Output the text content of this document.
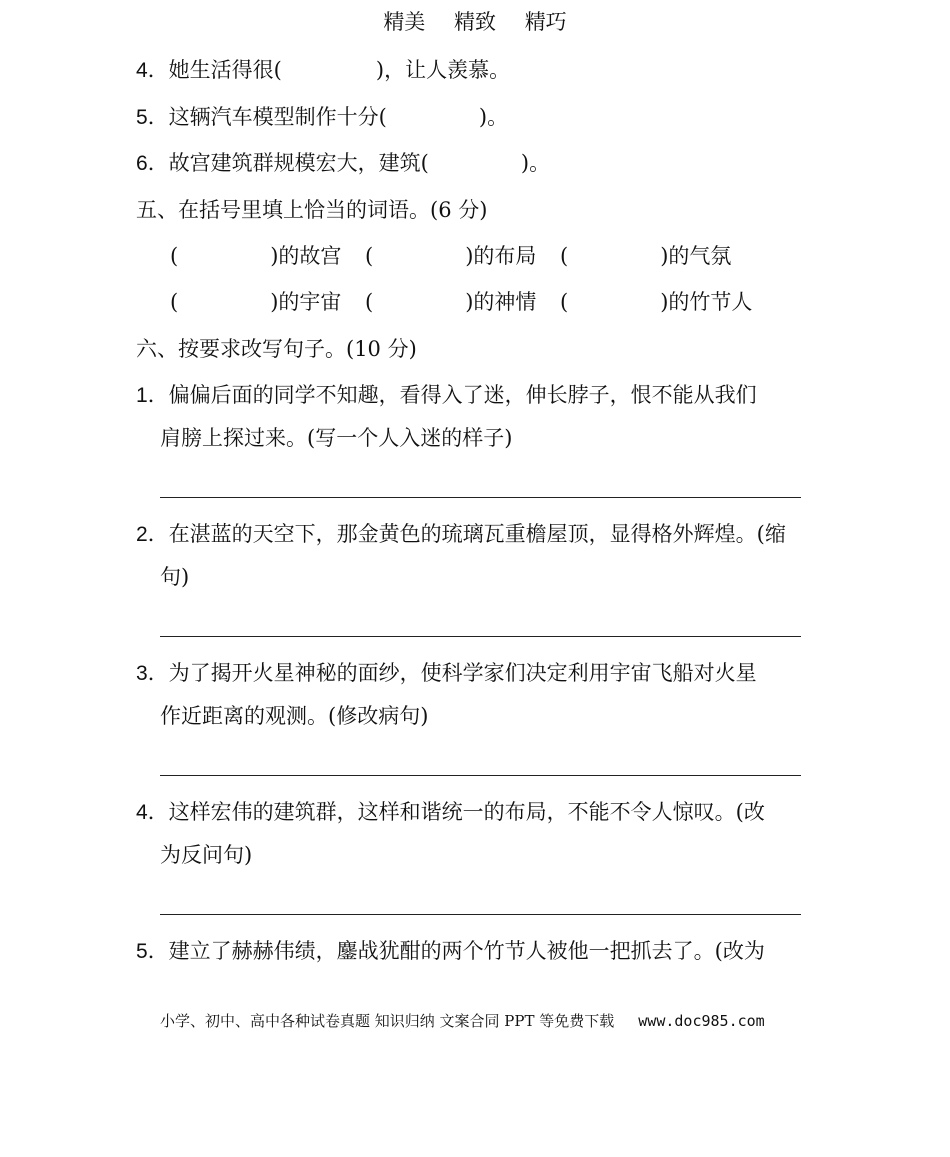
精美 精致 精巧
4．她生活得很(	)，让人羡慕。
5．这辆汽车模型制作十分(	)。
6．故宫建筑群规模宏大，建筑(	)。
五、在括号里填上恰当的词语。(6 分)
(	)的故宫 (	)的布局 (	)的气氛
(	)的宇宙 (	)的神情 (	)的竹节人
六、按要求改写句子。(10 分)
1．偏偏后面的同学不知趣，看得入了迷，伸长脖子，恨不能从我们
肩膀上探过来。(写一个人入迷的样子)
2．在湛蓝的天空下，那金黄色的琉璃瓦重檐屋顶，显得格外辉煌。(缩
句)
3．为了揭开火星神秘的面纱，使科学家们决定利用宇宙飞船对火星
作近距离的观测。(修改病句)
4．这样宏伟的建筑群，这样和谐统一的布局，不能不令人惊叹。(改
为反问句)
5．建立了赫赫伟绩，鏖战犹酣的两个竹节人被他一把抓去了。(改为
小学、初中、高中各种试卷真题 知识归纳 文案合同 PPT 等免费下载 www.doc985.com
